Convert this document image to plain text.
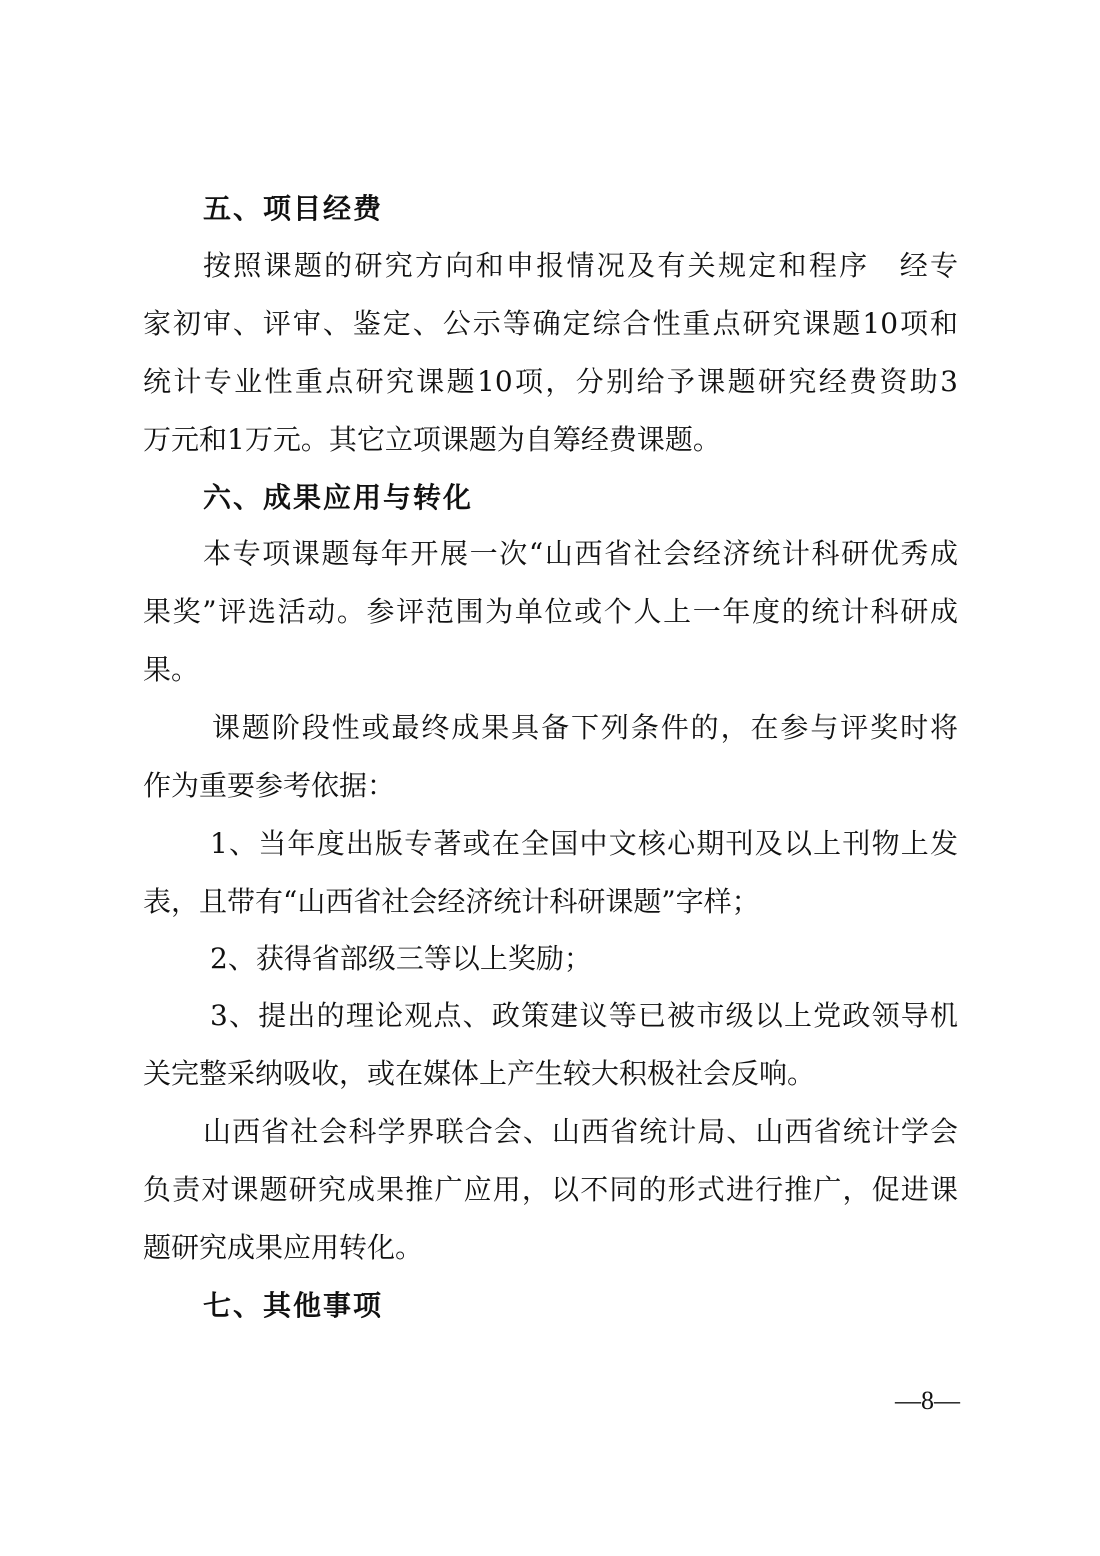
五、项目经费
按照课题的研究方向和申报情况及有关规定和程序　经专
家初审、评审、鉴定、公示等确定综合性重点研究课题10项和
统计专业性重点研究课题10项，分别给予课题研究经费资助3
万元和1万元。其它立项课题为自筹经费课题。
六、成果应用与转化
本专项课题每年开展一次“山西省社会经济统计科研优秀成
果奖”评选活动。参评范围为单位或个人上一年度的统计科研成
果。
课题阶段性或最终成果具备下列条件的，在参与评奖时将
作为重要参考依据：
1、当年度出版专著或在全国中文核心期刊及以上刊物上发
表，且带有“山西省社会经济统计科研课题”字样；
2、获得省部级三等以上奖励；
3、提出的理论观点、政策建议等已被市级以上党政领导机
关完整采纳吸收，或在媒体上产生较大积极社会反响。
山西省社会科学界联合会、山西省统计局、山西省统计学会
负责对课题研究成果推广应用，以不同的形式进行推广，促进课
题研究成果应用转化。
七、其他事项
—8—
